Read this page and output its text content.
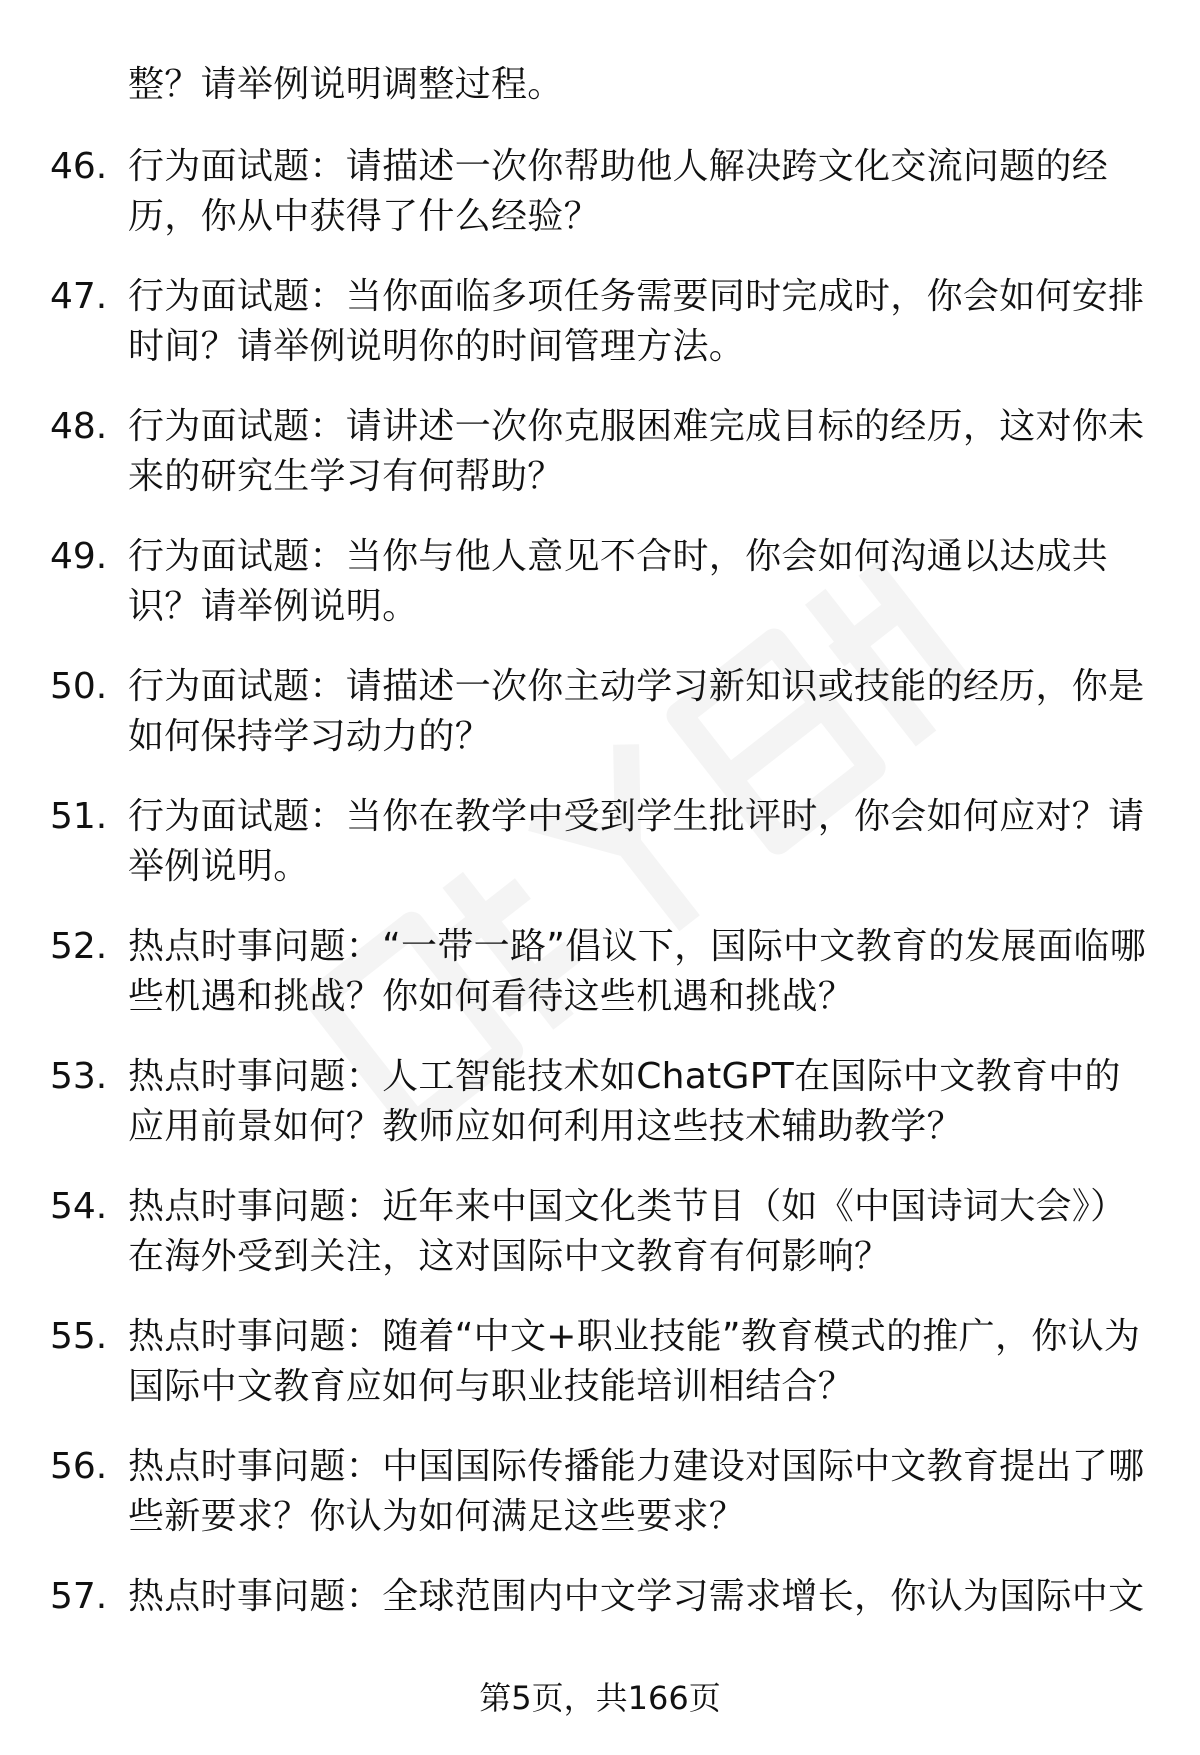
整？请举例说明调整过程。

46. 行为面试题：请描述一次你帮助他人解决跨文化交流问题的经历，你从中获得了什么经验？
47. 行为面试题：当你面临多项任务需要同时完成时，你会如何安排时间？请举例说明你的时间管理方法。
48. 行为面试题：请讲述一次你克服困难完成目标的经历，这对你未来的研究生学习有何帮助？
49. 行为面试题：当你与他人意见不合时，你会如何沟通以达成共识？请举例说明。
50. 行为面试题：请描述一次你主动学习新知识或技能的经历，你是如何保持学习动力的？
51. 行为面试题：当你在教学中受到学生批评时，你会如何应对？请举例说明。
52. 热点时事问题：“一带一路”倡议下，国际中文教育的发展面临哪些机遇和挑战？你如何看待这些机遇和挑战？
53. 热点时事问题：人工智能技术如ChatGPT在国际中文教育中的应用前景如何？教师应如何利用这些技术辅助教学？
54. 热点时事问题：近年来中国文化类节目（如《中国诗词大会》）在海外受到关注，这对国际中文教育有何影响？
55. 热点时事问题：随着“中文+职业技能”教育模式的推广，你认为国际中文教育应如何与职业技能培训相结合？
56. 热点时事问题：中国国际传播能力建设对国际中文教育提出了哪些新要求？你认为如何满足这些要求？
57. 热点时事问题：全球范围内中文学习需求增长，你认为国际中文
第5页，共166页
